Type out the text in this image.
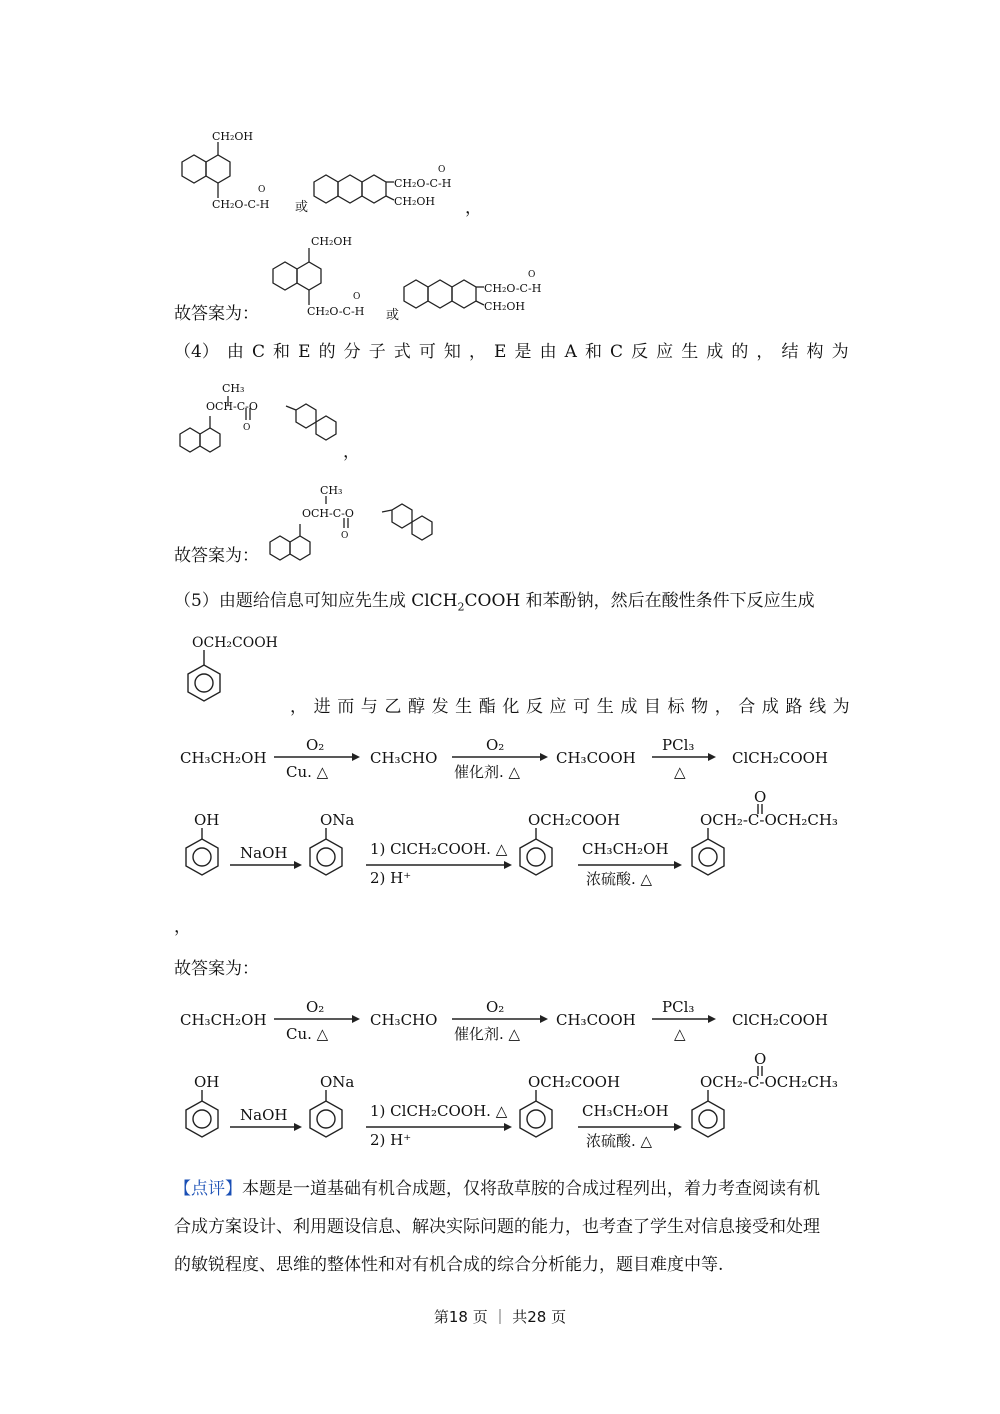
CH₂OH
CH₂O-C-H
O
或
CH₂O-C-H
CH₂OH
O
，
故答案为：
CH₂OH
CH₂O-C-H
O
或
CH₂O-C-H
CH₂OH
O
（4） 由 C 和 E 的 分 子 式 可 知 ， E 是 由 A 和 C 反 应 生 成 的 ， 结 构 为
CH₃
OCH-C-O
O
，
故答案为：
CH₃
OCH-C-O
O
（5）由题给信息可知应先生成 ClCH$_2$COOH 和苯酚钠，然后在酸性条件下反应生成
OCH₂COOH
， 进 而 与 乙 醇 发 生 酯 化 反 应 可 生 成 目 标 物 ， 合 成 路 线 为
CH₃CH₂OH
O₂
Cu. △
CH₃CHO
O₂
催化剂. △
CH₃COOH
PCl₃
△
ClCH₂COOH
OH
NaOH
ONa
1) ClCH₂COOH. △
2) H⁺
OCH₂COOH
CH₃CH₂OH
浓硫酸. △
OCH₂-C-OCH₂CH₃
O
，
故答案为：
CH₃CH₂OH
O₂
Cu. △
CH₃CHO
O₂
催化剂. △
CH₃COOH
PCl₃
△
ClCH₂COOH
OH
NaOH
ONa
1) ClCH₂COOH. △
2) H⁺
OCH₂COOH
CH₃CH₂OH
浓硫酸. △
OCH₂-C-OCH₂CH₃
O
【点评】本题是一道基础有机合成题，仅将敌草胺的合成过程列出，着力考查阅读有机
合成方案设计、利用题设信息、解决实际问题的能力，也考查了学生对信息接受和处理
的敏锐程度、思维的整体性和对有机合成的综合分析能力，题目难度中等.
第18 页 ｜ 共28 页
